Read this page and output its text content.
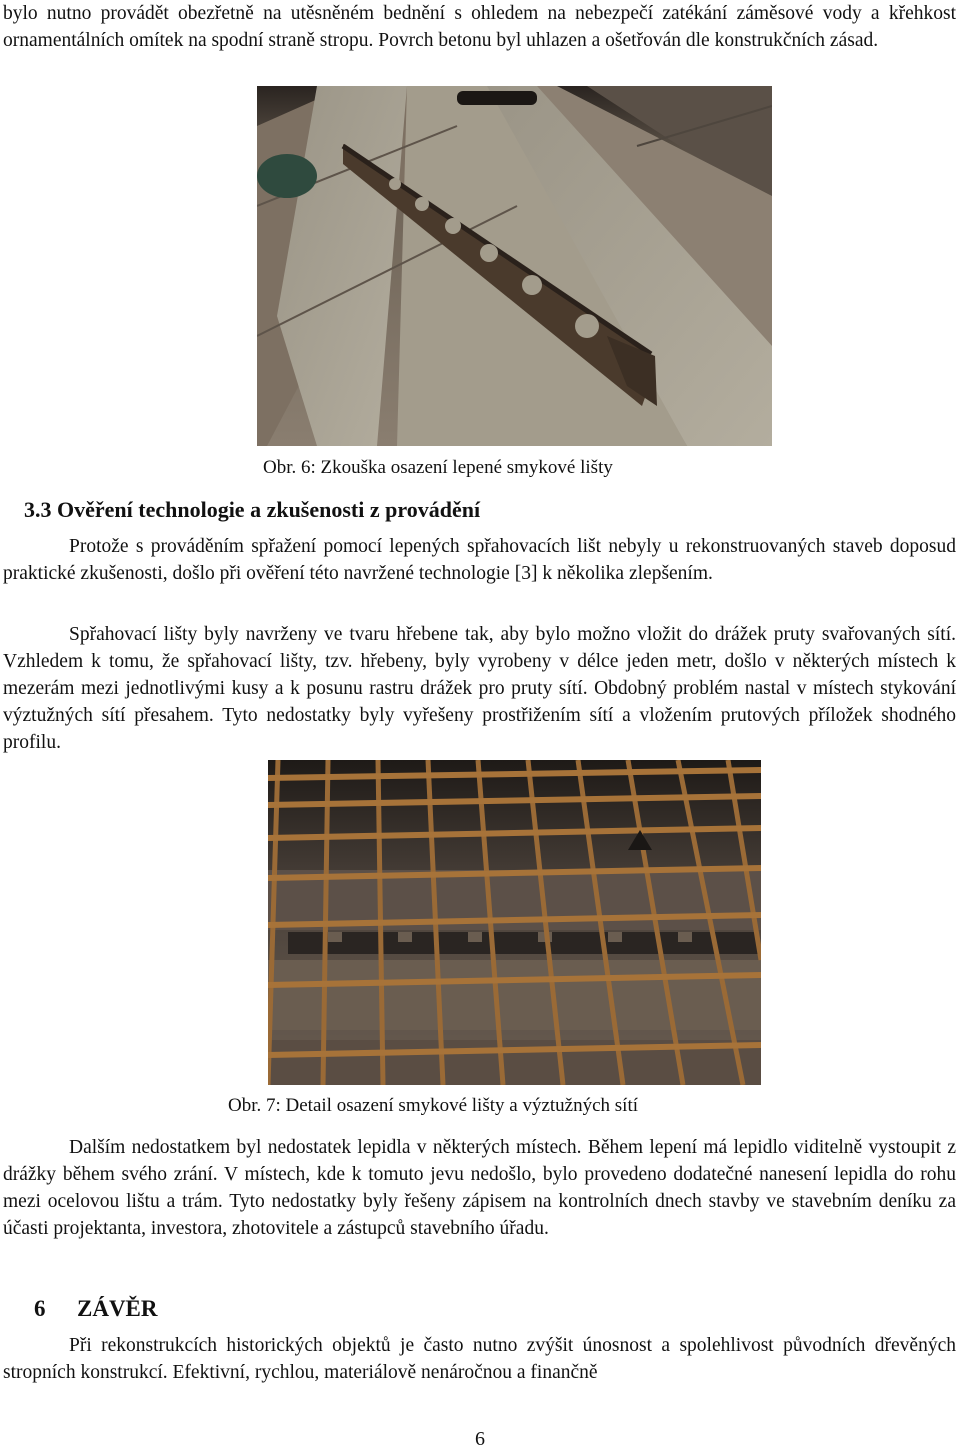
bylo nutno provádět obezřetně na utěsněném bednění s ohledem na nebezpečí zatékání záměsové vody a křehkost ornamentálních omítek na spodní straně stropu. Povrch betonu byl uhlazen a ošetřován dle konstrukčních zásad.

Obr. 6: Zkouška osazení lepené smykové lišty

3.3 Ověření technologie a zkušenosti z provádění

Protože s prováděním spřažení pomocí lepených spřahovacích lišt nebyly u rekonstruovaných staveb doposud praktické zkušenosti, došlo při ověření této navržené technologie [3] k několika zlepšením.

Spřahovací lišty byly navrženy ve tvaru hřebene tak, aby bylo možno vložit do drážek pruty svařovaných sítí. Vzhledem k tomu, že spřahovací lišty, tzv. hřebeny, byly vyrobeny v délce jeden metr, došlo v některých místech k mezerám mezi jednotlivými kusy a k posunu rastru drážek pro pruty sítí. Obdobný problém nastal v místech stykování výztužných sítí přesahem. Tyto nedostatky byly vyřešeny prostřižením sítí a vložením prutových příložek shodného profilu.

Obr. 7: Detail osazení smykové lišty a výztužných sítí

Dalším nedostatkem byl nedostatek lepidla v některých místech. Během lepení má lepidlo viditelně vystoupit z drážky během svého zrání. V místech, kde k tomuto jevu nedošlo, bylo provedeno dodatečné nanesení lepidla do rohu mezi ocelovou lištu a trám. Tyto nedostatky byly řešeny zápisem na kontrolních dnech stavby ve stavebním deníku za účasti projektanta, investora, zhotovitele a zástupců stavebního úřadu.

6 ZÁVĚR

Při rekonstrukcích historických objektů je často nutno zvýšit únosnost a spolehlivost původních dřevěných stropních konstrukcí. Efektivní, rychlou, materiálově nenáročnou a finančně

6
